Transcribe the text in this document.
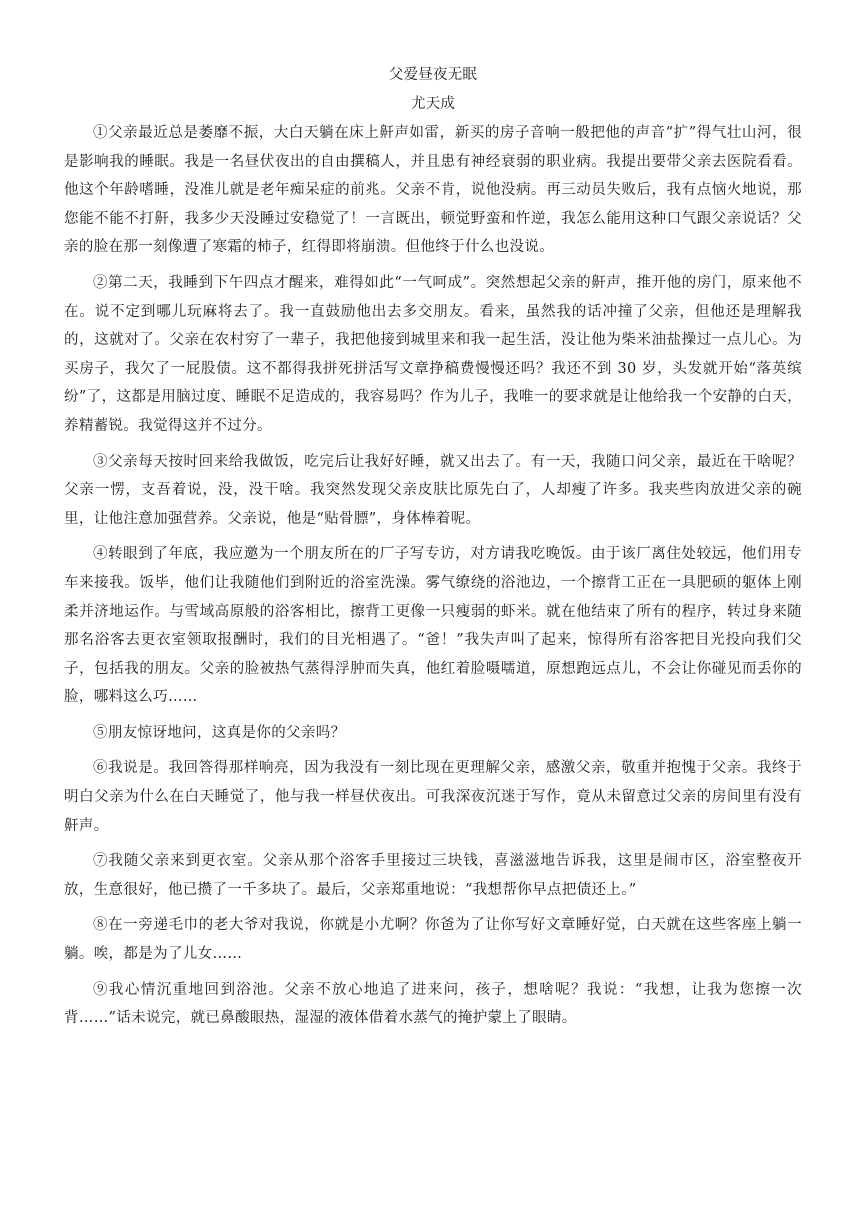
父爱昼夜无眠
尤天成

①父亲最近总是萎靡不振，大白天躺在床上鼾声如雷，新买的房子音响一般把他的声音“扩”得气壮山河，很是影响我的睡眠。我是一名昼伏夜出的自由撰稿人，并且患有神经衰弱的职业病。我提出要带父亲去医院看看。他这个年龄嗜睡，没准儿就是老年痴呆症的前兆。父亲不肯，说他没病。再三动员失败后，我有点恼火地说，那您能不能不打鼾，我多少天没睡过安稳觉了！一言既出，顿觉野蛮和忤逆，我怎么能用这种口气跟父亲说话？父亲的脸在那一刻像遭了寒霜的柿子，红得即将崩溃。但他终于什么也没说。

②第二天，我睡到下午四点才醒来，难得如此“一气呵成”。突然想起父亲的鼾声，推开他的房门，原来他不在。说不定到哪儿玩麻将去了。我一直鼓励他出去多交朋友。看来，虽然我的话冲撞了父亲，但他还是理解我的，这就对了。父亲在农村穷了一辈子，我把他接到城里来和我一起生活，没让他为柴米油盐操过一点儿心。为买房子，我欠了一屁股债。这不都得我拼死拼活写文章挣稿费慢慢还吗？我还不到 30 岁，头发就开始“落英缤纷”了，这都是用脑过度、睡眠不足造成的，我容易吗？作为儿子，我唯一的要求就是让他给我一个安静的白天，养精蓄锐。我觉得这并不过分。

③父亲每天按时回来给我做饭，吃完后让我好好睡，就又出去了。有一天，我随口问父亲，最近在干啥呢？父亲一愣，支吾着说，没，没干啥。我突然发现父亲皮肤比原先白了，人却瘦了许多。我夹些肉放进父亲的碗里，让他注意加强营养。父亲说，他是“贴骨膘”，身体棒着呢。

④转眼到了年底，我应邀为一个朋友所在的厂子写专访，对方请我吃晚饭。由于该厂离住处较远，他们用专车来接我。饭毕，他们让我随他们到附近的浴室洗澡。雾气缭绕的浴池边，一个擦背工正在一具肥硕的躯体上刚柔并济地运作。与雪域高原般的浴客相比，擦背工更像一只瘦弱的虾米。就在他结束了所有的程序，转过身来随那名浴客去更衣室领取报酬时，我们的目光相遇了。“爸！”我失声叫了起来，惊得所有浴客把目光投向我们父子，包括我的朋友。父亲的脸被热气蒸得浮肿而失真，他红着脸嗫嚅道，原想跑远点儿，不会让你碰见而丢你的脸，哪料这么巧……

⑤朋友惊讶地问，这真是你的父亲吗？

⑥我说是。我回答得那样响亮，因为我没有一刻比现在更理解父亲，感激父亲，敬重并抱愧于父亲。我终于明白父亲为什么在白天睡觉了，他与我一样昼伏夜出。可我深夜沉迷于写作，竟从未留意过父亲的房间里有没有鼾声。

⑦我随父亲来到更衣室。父亲从那个浴客手里接过三块钱，喜滋滋地告诉我，这里是闹市区，浴室整夜开放，生意很好，他已攒了一千多块了。最后，父亲郑重地说：“我想帮你早点把债还上。”

⑧在一旁递毛巾的老大爷对我说，你就是小尤啊？你爸为了让你写好文章睡好觉，白天就在这些客座上躺一躺。唉，都是为了儿女……

⑨我心情沉重地回到浴池。父亲不放心地追了进来问，孩子，想啥呢？我说：“我想，让我为您擦一次背……”话未说完，就已鼻酸眼热，湿湿的液体借着水蒸气的掩护蒙上了眼睛。
